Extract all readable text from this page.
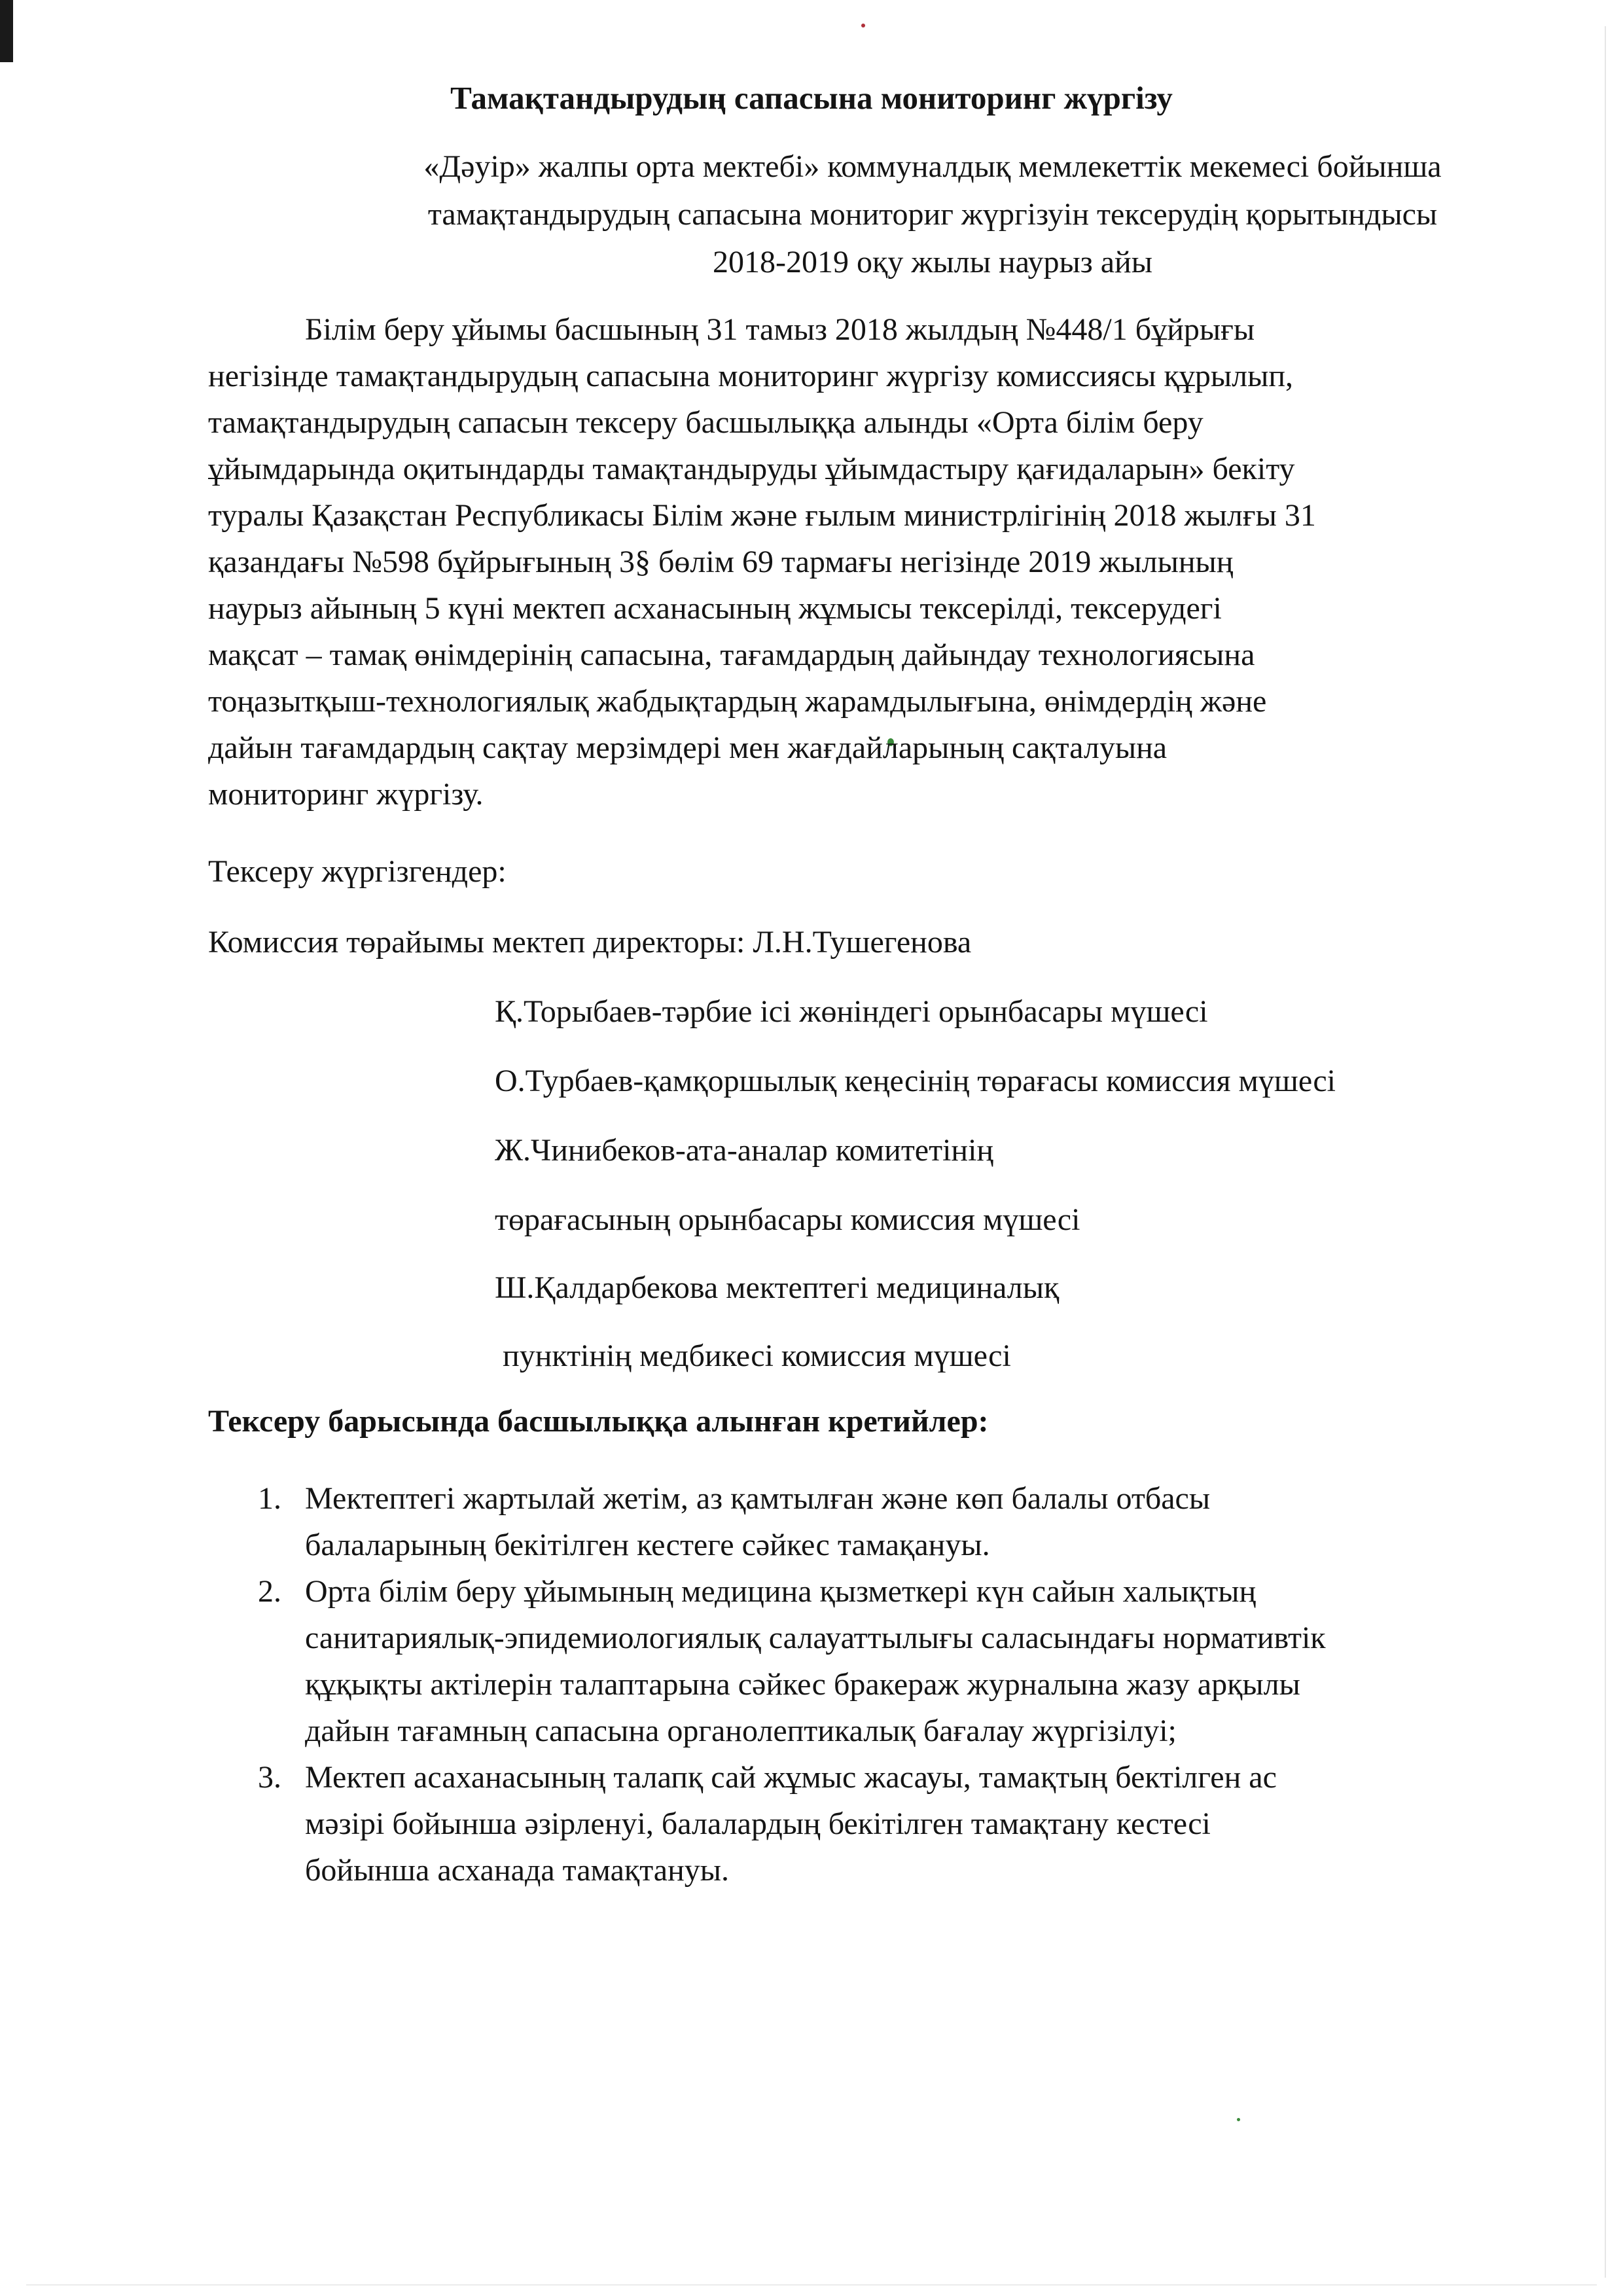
Тамақтандырудың сапасына мониторинг жүргізу
«Дәуір» жалпы орта мектебі» коммуналдық мемлекеттік мекемесі бойынша
тамақтандырудың сапасына мониториг жүргізуін тексерудің қорытындысы
2018-2019 оқу жылы наурыз айы
Білім беру ұйымы басшының 31 тамыз 2018 жылдың №448/1 бұйрығы
негізінде тамақтандырудың сапасына мониторинг жүргізу комиссиясы құрылып,
тамақтандырудың сапасын тексеру басшылыққа алынды «Орта білім беру
ұйымдарында оқитындарды тамақтандыруды ұйымдастыру қағидаларын» бекіту
туралы Қазақстан Республикасы Білім және ғылым министрлігінің 2018 жылғы 31
қазандағы №598 бұйрығының 3§ бөлім 69 тармағы негізінде 2019 жылының
наурыз айының 5 күні мектеп асханасының жұмысы тексерілді, тексерудегі
мақсат – тамақ өнімдерінің сапасына, тағамдардың дайындау технологиясына
тоңазытқыш-технологиялық жабдықтардың жарамдылығына, өнімдердің және
дайын тағамдардың сақтау мерзімдері мен жағдайларының сақталуына
мониторинг жүргізу.
Тексеру жүргізгендер:
Комиссия төрайымы мектеп директоры: Л.Н.Тушегенова
Қ.Торыбаев-тәрбие ісі жөніндегі орынбасары мүшесі
О.Турбаев-қамқоршылық кеңесінің төрағасы комиссия мүшесі
Ж.Чинибеков-ата-аналар комитетінің
төрағасының орынбасары комиссия мүшесі
Ш.Қалдарбекова мектептегі медициналық
пунктінің медбикесі комиссия мүшесі
Тексеру барысында басшылыққа алынған кретийлер:
1. Мектептегі жартылай жетім, аз қамтылған және көп балалы отбасы
балаларының бекітілген кестеге сәйкес тамақануы.
2. Орта білім беру ұйымының медицина қызметкері күн сайын халықтың
санитариялық-эпидемиологиялық салауаттылығы саласындағы нормативтік
құқықты актілерін талаптарына сәйкес бракераж журналына жазу арқылы
дайын тағамның сапасына органолептикалық бағалау жүргізілуі;
3. Мектеп асаханасының талапқ сай жұмыс жасауы, тамақтың бектілген ас
мәзірі бойынша әзірленуі, балалардың бекітілген тамақтану кестесі
бойынша асханада тамақтануы.
